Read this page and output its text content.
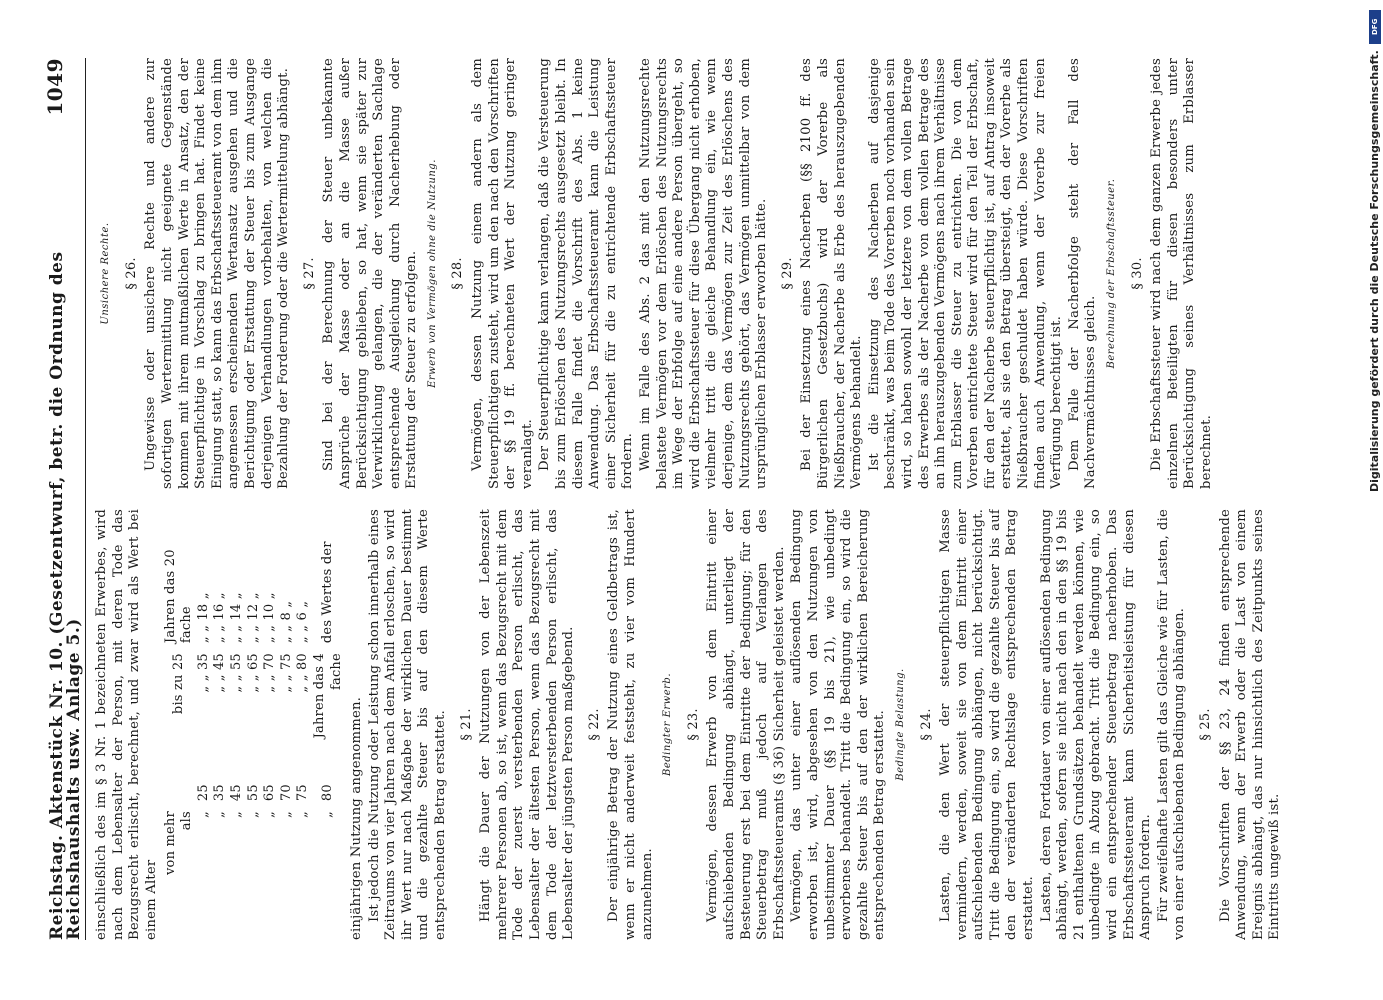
Reichstag. Aktenstück Nr. 10. (Gesetzentwurf, betr. die Ordnung des Reichshaushalts usw. Anlage 5.)
1049

einschließlich des im § 3 Nr. 1 bezeichneten Erwerbes, wird nach dem Lebensalter der Person, mit deren Tode das Bezugsrecht erlischt, berechnet, und zwar wird als Wert bei einem Alter

von mehr als		bis zu 25	Jahren das 20 fache
„	25	„ „ 35	„ „ 18 „
„	35	„ „ 45	„ „ 16 „
„	45	„ „ 55	„ „ 14 „
„	55	„ „ 65	„ „ 12 „
„	65	„ „ 70	„ „ 10 „
„	70	„ „ 75	„ „ 8 „
„	75	„ „ 80	„ „ 6 „
„	80	Jahren das 4 fache	des Wertes der

einjährigen Nutzung angenommen. Ist jedoch die Nutzung oder Leistung schon innerhalb eines Zeitraums von vier Jahren nach dem Anfall erloschen, so wird ihr Wert nur nach Maßgabe der wirklichen Dauer bestimmt und die gezahlte Steuer bis auf den diesem Werte entsprechenden Betrag erstattet. § 21. Hängt die Dauer der Nutzungen von der Lebenszeit mehrerer Personen ab, so ist, wenn das Bezugsrecht mit dem Tode der zuerst versterbenden Person erlischt, das Lebensalter der ältesten Person, wenn das Bezugsrecht mit dem Tode der letztversterbenden Person erlischt, das Lebensalter der jüngsten Person maßgebend. § 22. Der einjährige Betrag der Nutzung eines Geldbetrags ist, wenn er nicht anderweit feststeht, zu vier vom Hundert anzunehmen.

Bedingter Erwerb. § 23. Vermögen, dessen Erwerb von dem Eintritt einer aufschiebenden Bedingung abhängt, unterliegt der Besteuerung erst bei dem Eintritte der Bedingung; für den Steuerbetrag muß jedoch auf Verlangen des Erbschaftssteueramts (§ 36) Sicherheit geleistet werden. Vermögen, das unter einer auflösenden Bedingung erworben ist, wird, abgesehen von den Nutzungen von unbestimmter Dauer (§§ 19 bis 21), wie unbedingt erworbenes behandelt. Tritt die Bedingung ein, so wird die gezahlte Steuer bis auf den der wirklichen Bereicherung entsprechenden Betrag erstattet. Bedingte Belastung. § 24. Lasten, die den Wert der steuerpflichtigen Masse vermindern, werden, soweit sie von dem Eintritt einer aufschiebenden Bedingung abhängen, nicht berücksichtigt. Tritt die Bedingung ein, so wird die gezahlte Steuer bis auf den der veränderten Rechtslage entsprechenden Betrag erstattet. Lasten, deren Fortdauer von einer auflösenden Bedingung abhängt, werden, sofern sie nicht nach den in den §§ 19 bis 21 enthaltenen Grundsätzen behandelt werden können, wie unbedingte in Abzug gebracht. Tritt die Bedingung ein, so wird ein entsprechender Steuerbetrag nacherhoben. Das Erbschaftssteueramt kann Sicherheitsleistung für diesen Anspruch fordern. Für zweifelhafte Lasten gilt das Gleiche wie für Lasten, die von einer aufschiebenden Bedingung abhängen. § 25. Die Vorschriften der §§ 23, 24 finden entsprechende Anwendung, wenn der Erwerb oder die Last von einem Ereignis abhängt, das nur hinsichtlich des Zeitpunkts seines Eintritts ungewiß ist.

Unsichere Rechte. § 26. Ungewisse oder unsichere Rechte und andere zur sofortigen Wertermittlung nicht geeignete Gegenstände kommen mit ihrem mutmaßlichen Werte in Ansatz, den der Steuerpflichtige in Vorschlag zu bringen hat. Findet keine Einigung statt, so kann das Erbschaftssteueramt von dem ihm angemessen erscheinenden Wertansatz ausgehen und die Berichtigung oder Erstattung der Steuer bis zum Ausgange derjenigen Verhandlungen vorbehalten, von welchen die Bezahlung der Forderung oder die Wertermittelung abhängt. § 27. Sind bei der Berechnung der Steuer unbekannte Ansprüche der Masse oder an die Masse außer Berücksichtigung geblieben, so hat, wenn sie später zur Verwirklichung gelangen, die der veränderten Sachlage entsprechende Ausgleichung durch Nacherhebung oder Erstattung der Steuer zu erfolgen. Erwerb von Vermögen ohne die Nutzung. § 28. Vermögen, dessen Nutzung einem andern als dem Steuerpflichtigen zusteht, wird um den nach den Vorschriften der §§ 19 ff. berechneten Wert der Nutzung geringer veranlagt. Der Steuerpflichtige kann verlangen, daß die Versteuerung bis zum Erlöschen des Nutzungsrechts ausgesetzt bleibt. In diesem Falle findet die Vorschrift des Abs. 1 keine Anwendung. Das Erbschaftssteueramt kann die Leistung einer Sicherheit für die zu entrichtende Erbschaftssteuer fordern. Wenn im Falle des Abs. 2 das mit den Nutzungsrechte belastete Vermögen vor dem Erlöschen des Nutzungsrechts im Wege der Erbfolge auf eine andere Person übergeht, so wird die Erbschaftssteuer für diese Übergang nicht erhoben, vielmehr tritt die gleiche Behandlung ein, wie wenn derjenige, dem das Vermögen zur Zeit des Erlöschens des Nutzungsrechts gehört, das Vermögen unmittelbar von dem ursprünglichen Erblasser erworben hätte. § 29. Bei der Einsetzung eines Nacherben (§§ 2100 ff. des Bürgerlichen Gesetzbuchs) wird der Vorerbe als Nießbraucher, der Nacherbe als Erbe des herauszugebenden Vermögens behandelt. Ist die Einsetzung des Nacherben auf dasjenige beschränkt, was beim Tode des Vorerben noch vorhanden sein wird, so haben sowohl der letztere von dem vollen Betrage des Erwerbes als der Nacherbe von dem vollen Betrage des an ihn herauszugebenden Vermögens nach ihrem Verhältnisse zum Erblasser die Steuer zu entrichten. Die von dem Vorerben entrichtete Steuer wird für den Teil der Erbschaft, für den der Nacherbe steuerpflichtig ist, auf Antrag insoweit erstattet, als sie den Betrag übersteigt, den der Vorerbe als Nießbraucher geschuldet haben würde. Diese Vorschriften finden auch Anwendung, wenn der Vorerbe zur freien Verfügung berechtigt ist. Dem Falle der Nacherbfolge steht der Fall des Nachvermächtnisses gleich.

Berechnung der Erbschaftssteuer. § 30. Die Erbschaftssteuer wird nach dem ganzen Erwerbe jedes einzelnen Beteiligten für diesen besonders unter Berücksichtigung seines Verhältnisses zum Erblasser berechnet.

DFG
Digitalisierung gefördert durch die Deutsche Forschungsgemeinschaft.
